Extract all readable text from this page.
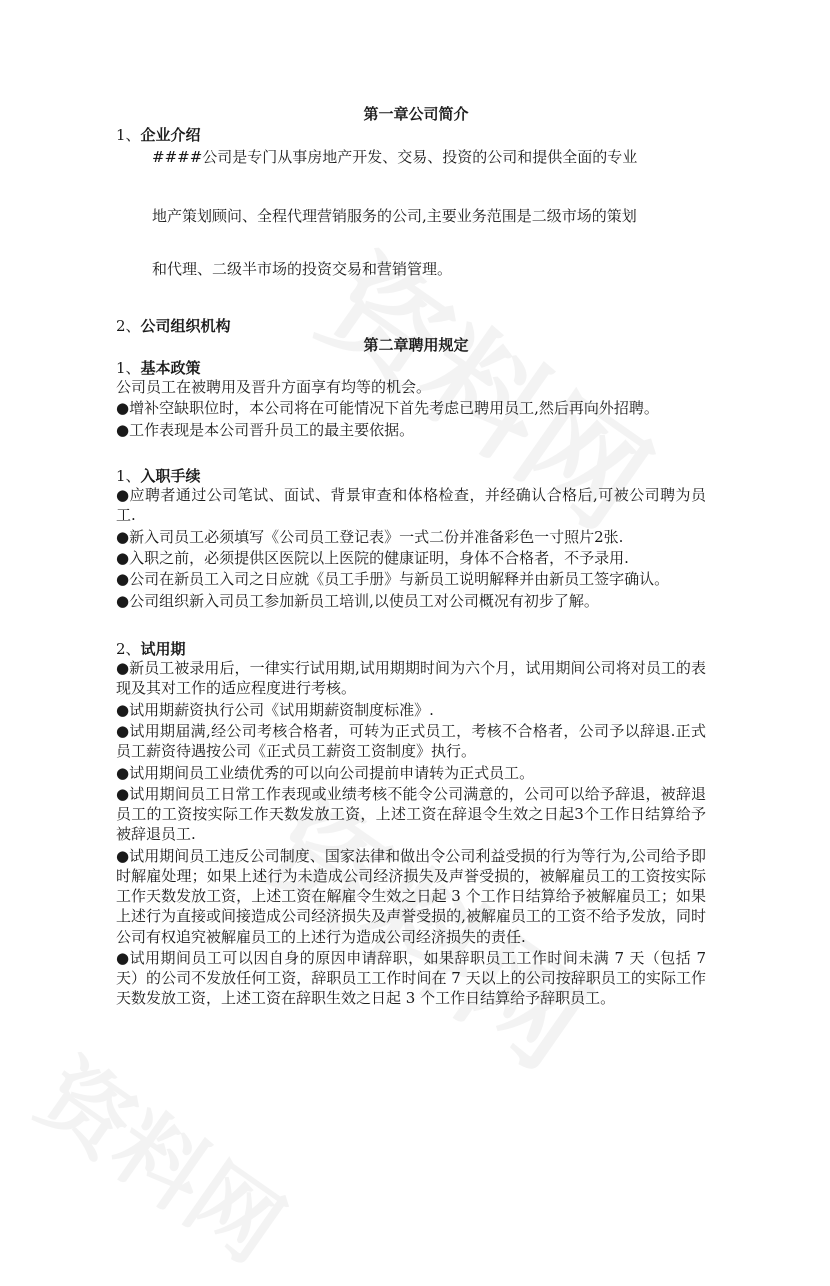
第一章公司简介
1、企业介绍
####公司是专门从事房地产开发、交易、投资的公司和提供全面的专业
地产策划顾问、全程代理营销服务的公司,主要业务范围是二级市场的策划
和代理、二级半市场的投资交易和营销管理。
2、公司组织机构
第二章聘用规定
1、基本政策

公司员工在被聘用及晋升方面享有均等的机会。

●增补空缺职位时，本公司将在可能情况下首先考虑已聘用员工,然后再向外招聘。

●工作表现是本公司晋升员工的最主要依据。

1、入职手续

●应聘者通过公司笔试、面试、背景审查和体格检查，并经确认合格后,可被公司聘为员工.

●新入司员工必须填写《公司员工登记表》一式二份并准备彩色一寸照片2张.

●入职之前，必须提供区医院以上医院的健康证明，身体不合格者，不予录用.

●公司在新员工入司之日应就《员工手册》与新员工说明解释并由新员工签字确认。

●公司组织新入司员工参加新员工培训,以使员工对公司概况有初步了解。

2、试用期

●新员工被录用后，一律实行试用期,试用期期时间为六个月，试用期间公司将对员工的表现及其对工作的适应程度进行考核。

●试用期薪资执行公司《试用期薪资制度标准》.

●试用期届满,经公司考核合格者，可转为正式员工，考核不合格者，公司予以辞退.正式员工薪资待遇按公司《正式员工薪资工资制度》执行。

●试用期间员工业绩优秀的可以向公司提前申请转为正式员工。

●试用期间员工日常工作表现或业绩考核不能令公司满意的，公司可以给予辞退，被辞退员工的工资按实际工作天数发放工资，上述工资在辞退令生效之日起3个工作日结算给予被辞退员工.

●试用期间员工违反公司制度、国家法律和做出令公司利益受损的行为等行为,公司给予即时解雇处理；如果上述行为未造成公司经济损失及声誉受损的，被解雇员工的工资按实际工作天数发放工资，上述工资在解雇令生效之日起 3 个工作日结算给予被解雇员工；如果上述行为直接或间接造成公司经济损失及声誉受损的,被解雇员工的工资不给予发放，同时公司有权追究被解雇员工的上述行为造成公司经济损失的责任.

●试用期间员工可以因自身的原因申请辞职，如果辞职员工工作时间未满 7 天（包括 7 天）的公司不发放任何工资，辞职员工工作时间在 7 天以上的公司按辞职员工的实际工作天数发放工资，上述工资在辞职生效之日起 3 个工作日结算给予辞职员工。
